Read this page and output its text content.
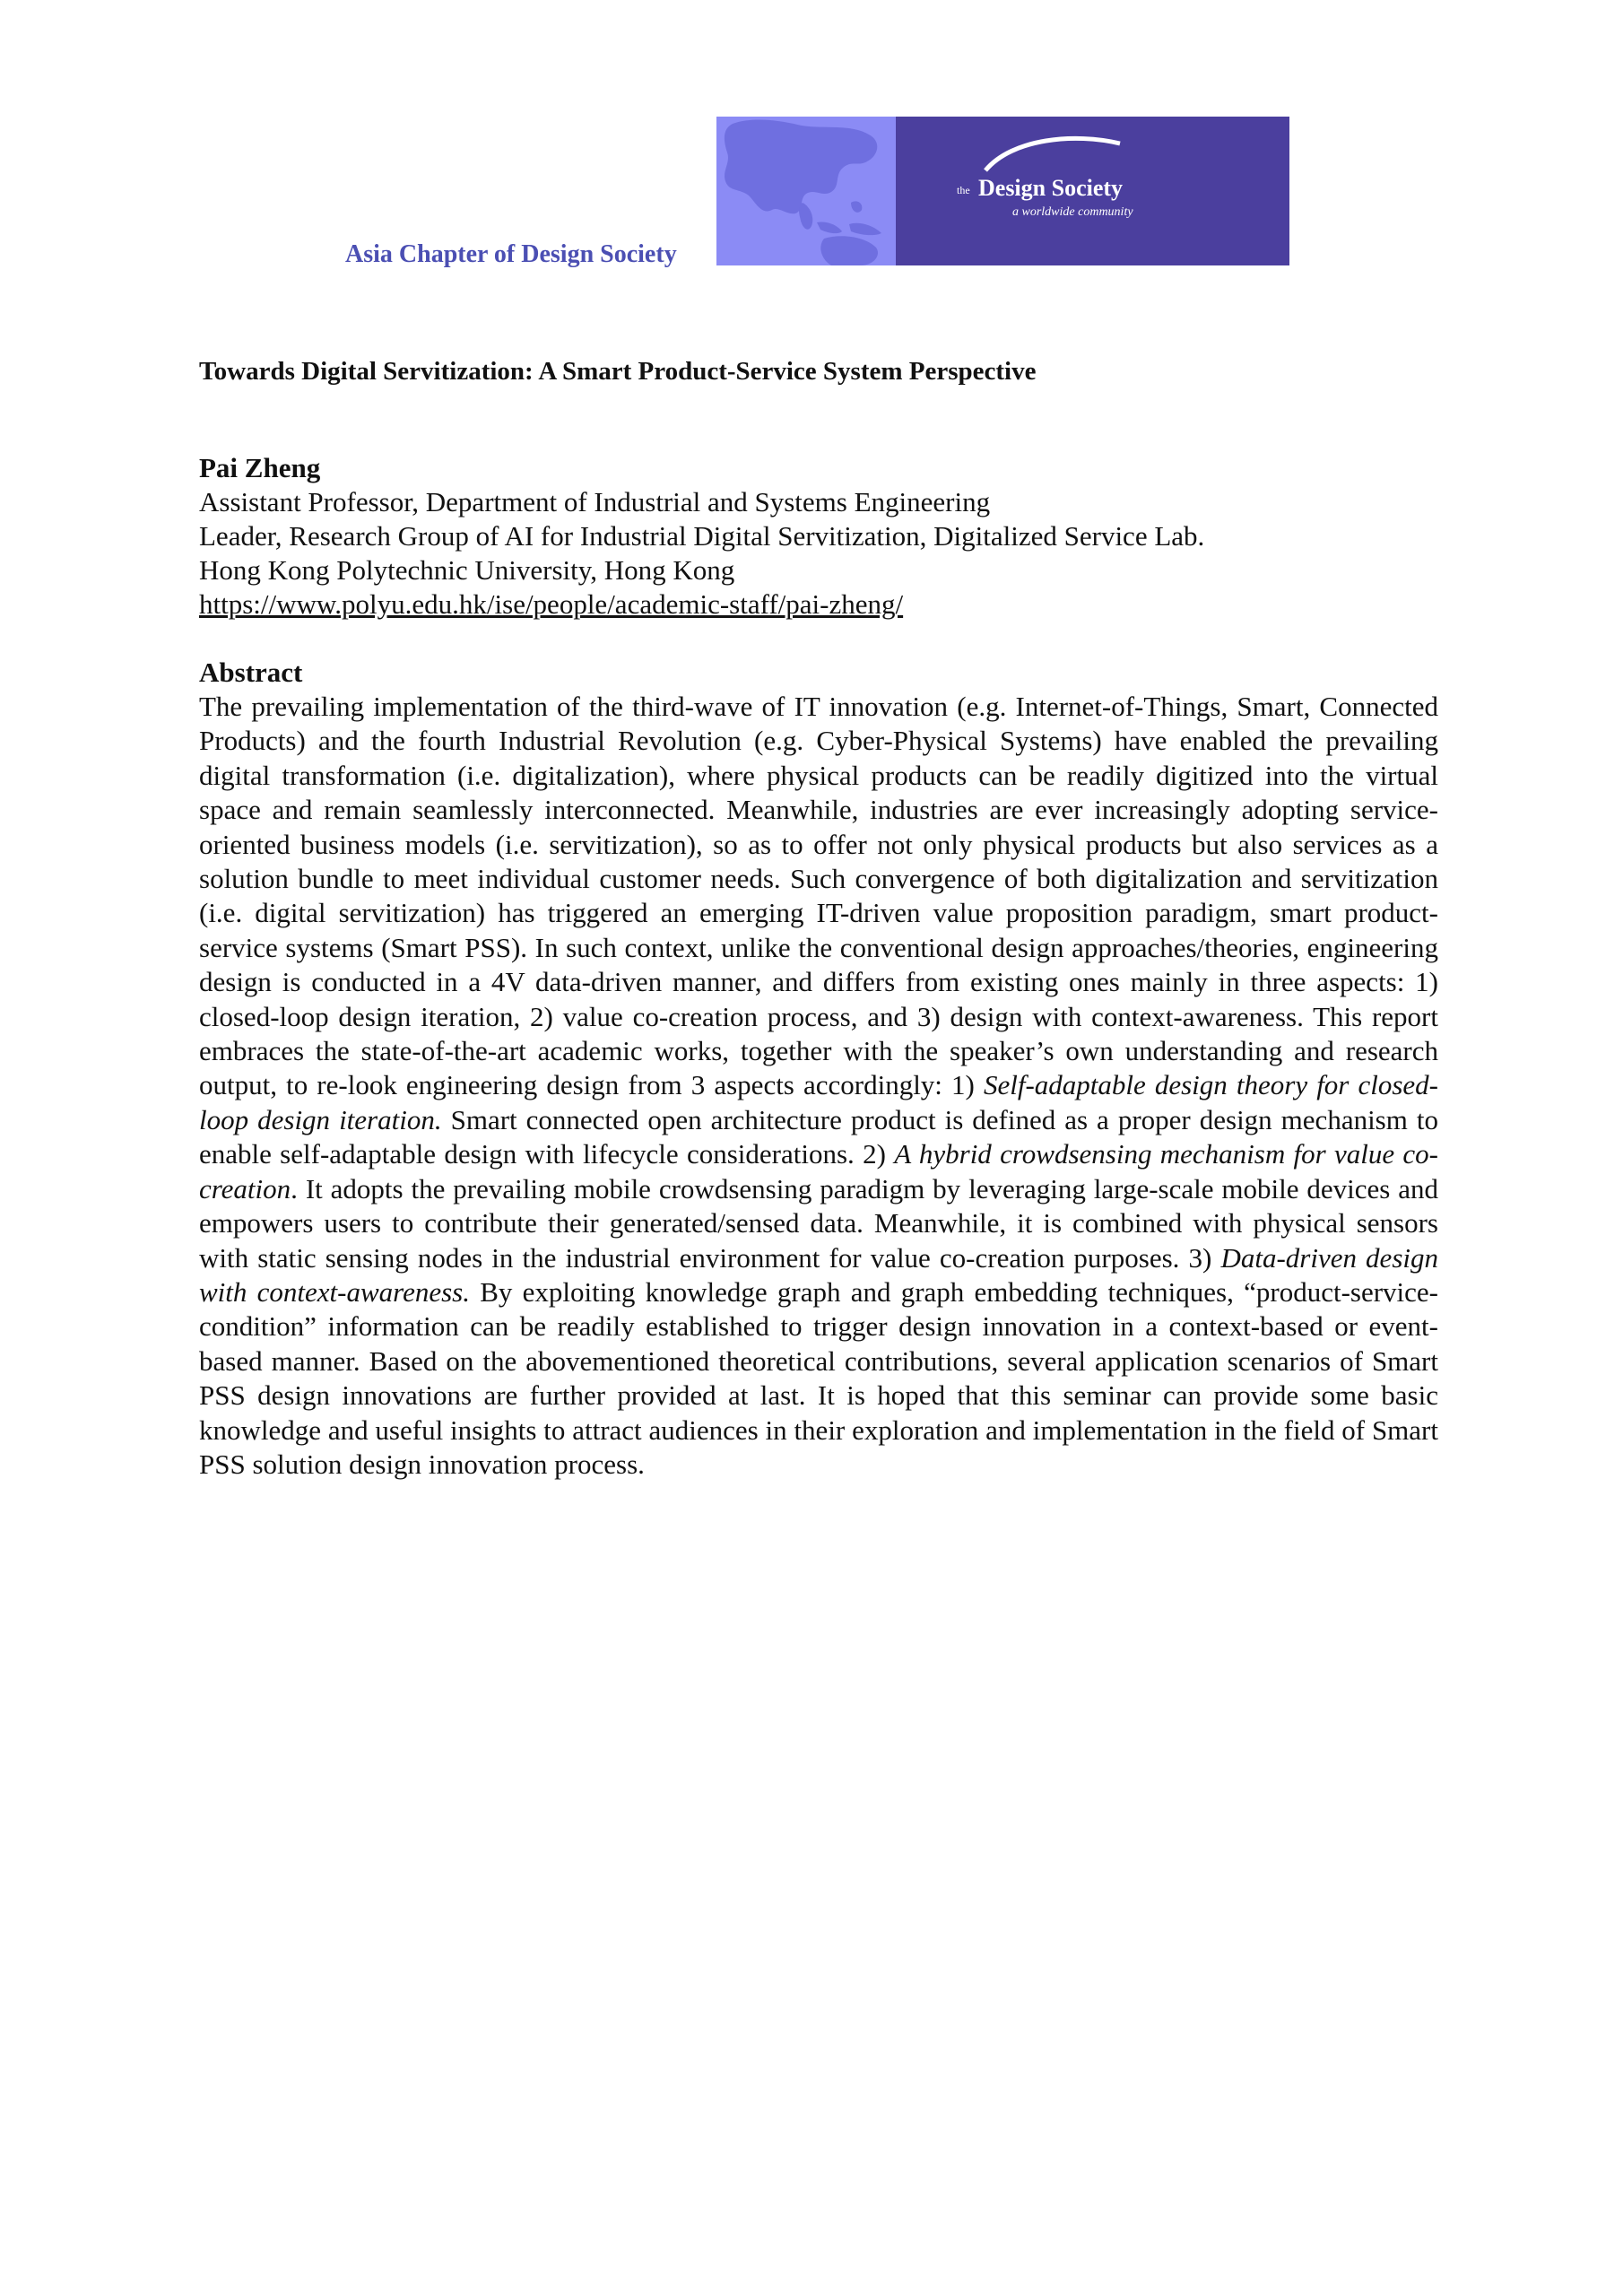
Asia Chapter of Design Society
the Design Society
a worldwide community
Towards Digital Servitization: A Smart Product-Service System Perspective
Pai Zheng
Assistant Professor, Department of Industrial and Systems Engineering
Leader, Research Group of AI for Industrial Digital Servitization, Digitalized Service Lab.
Hong Kong Polytechnic University, Hong Kong
https://www.polyu.edu.hk/ise/people/academic-staff/pai-zheng/
Abstract

The prevailing implementation of the third-wave of IT innovation (e.g. Internet-of-Things, Smart, Connected Products) and the fourth Industrial Revolution (e.g. Cyber-Physical Systems) have enabled the prevailing digital transformation (i.e. digitalization), where physical products can be readily digitized into the virtual space and remain seamlessly interconnected. Meanwhile, industries are ever increasingly adopting service-oriented business models (i.e. servitization), so as to offer not only physical products but also services as a solution bundle to meet individual customer needs. Such convergence of both digitalization and servitization (i.e. digital servitization) has triggered an emerging IT-driven value proposition paradigm, smart product-service systems (Smart PSS). In such context, unlike the conventional design approaches/theories, engineering design is conducted in a 4V data-driven manner, and differs from existing ones mainly in three aspects: 1) closed-loop design iteration, 2) value co-creation process, and 3) design with context-awareness. This report embraces the state-of-the-art academic works, together with the speaker’s own understanding and research output, to re-look engineering design from 3 aspects accordingly: 1) Self-adaptable design theory for closed-loop design iteration. Smart connected open architecture product is defined as a proper design mechanism to enable self-adaptable design with lifecycle considerations. 2) A hybrid crowdsensing mechanism for value co-creation. It adopts the prevailing mobile crowdsensing paradigm by leveraging large-scale mobile devices and empowers users to contribute their generated/sensed data. Meanwhile, it is combined with physical sensors with static sensing nodes in the industrial environment for value co-creation purposes. 3) Data-driven design with context-awareness. By exploiting knowledge graph and graph embedding techniques, “product-service-condition” information can be readily established to trigger design innovation in a context-based or event-based manner. Based on the abovementioned theoretical contributions, several application scenarios of Smart PSS design innovations are further provided at last. It is hoped that this seminar can provide some basic knowledge and useful insights to attract audiences in their exploration and implementation in the field of Smart PSS solution design innovation process.
